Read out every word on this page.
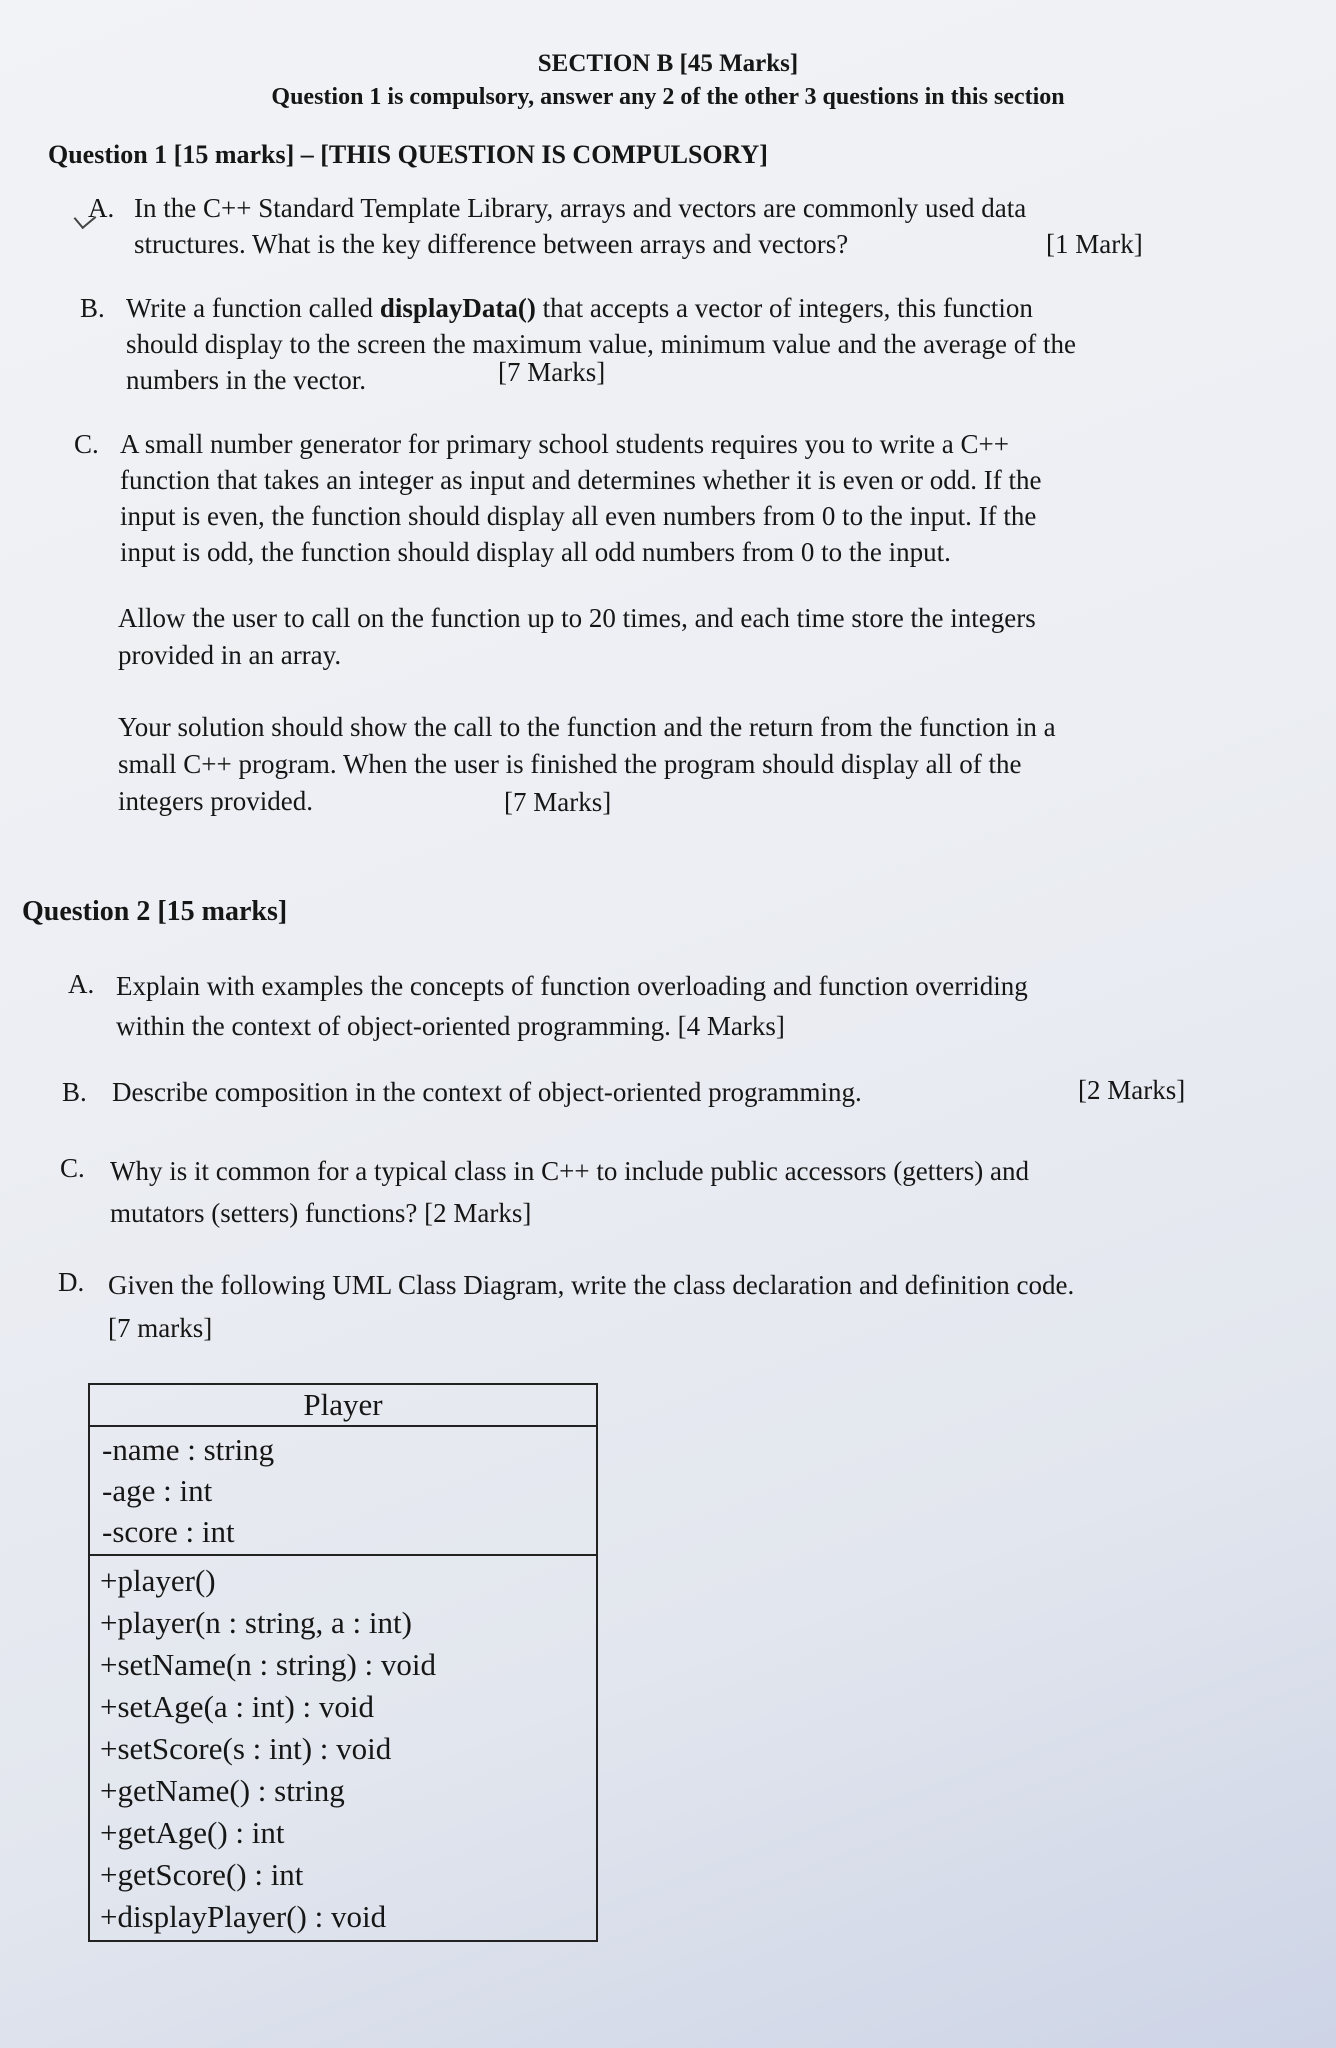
SECTION B [45 Marks]
Question 1 is compulsory, answer any 2 of the other 3 questions in this section
Question 1 [15 marks] – [THIS QUESTION IS COMPULSORY]
A. In the C++ Standard Template Library, arrays and vectors are commonly used data
structures. What is the key difference between arrays and vectors?	[1 Mark]
B. Write a function called displayData() that accepts a vector of integers, this function
should display to the screen the maximum value, minimum value and the average of the
numbers in the vector.	[7 Marks]
C. A small number generator for primary school students requires you to write a C++
function that takes an integer as input and determines whether it is even or odd. If the
input is even, the function should display all even numbers from 0 to the input. If the
input is odd, the function should display all odd numbers from 0 to the input.
Allow the user to call on the function up to 20 times, and each time store the integers
provided in an array.
Your solution should show the call to the function and the return from the function in a
small C++ program. When the user is finished the program should display all of the
integers provided.	[7 Marks]
Question 2 [15 marks]
A. Explain with examples the concepts of function overloading and function overriding
within the context of object-oriented programming. [4 Marks]
B. Describe composition in the context of object-oriented programming.	[2 Marks]
C. Why is it common for a typical class in C++ to include public accessors (getters) and
mutators (setters) functions? [2 Marks]
D. Given the following UML Class Diagram, write the class declaration and definition code.
[7 marks]
Player
-name : string
-age : int
-score : int
+player()
+player(n : string, a : int)
+setName(n : string) : void
+setAge(a : int) : void
+setScore(s : int) : void
+getName() : string
+getAge() : int
+getScore() : int
+displayPlayer() : void
